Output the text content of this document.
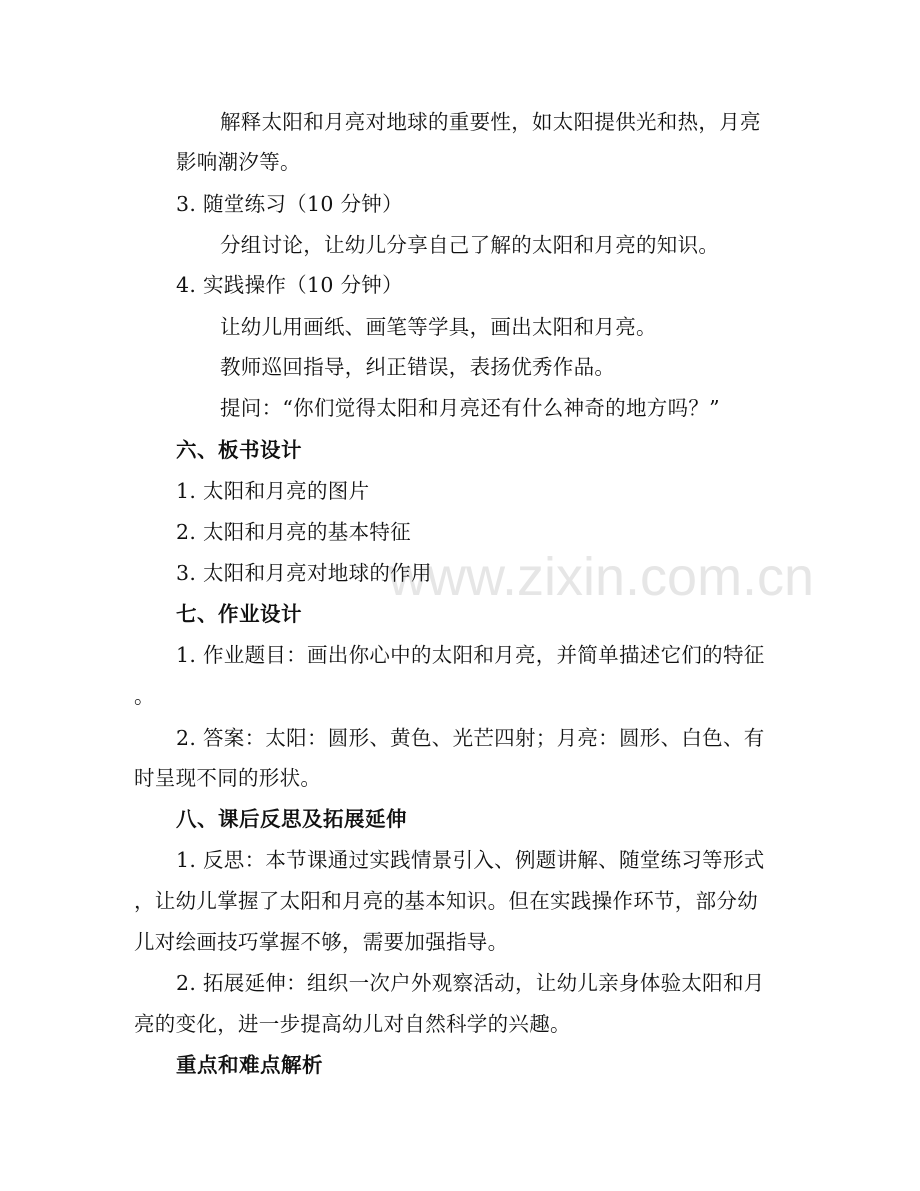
www.zixin.com.cn
解释太阳和月亮对地球的重要性，如太阳提供光和热，月亮
影响潮汐等。
3. 随堂练习（10 分钟）
分组讨论，让幼儿分享自己了解的太阳和月亮的知识。
4. 实践操作（10 分钟）
让幼儿用画纸、画笔等学具，画出太阳和月亮。
教师巡回指导，纠正错误，表扬优秀作品。
提问：“你们觉得太阳和月亮还有什么神奇的地方吗？”
六、板书设计
1. 太阳和月亮的图片
2. 太阳和月亮的基本特征
3. 太阳和月亮对地球的作用
七、作业设计
1. 作业题目：画出你心中的太阳和月亮，并简单描述它们的特征
。
2. 答案：太阳：圆形、黄色、光芒四射；月亮：圆形、白色、有
时呈现不同的形状。
八、课后反思及拓展延伸
1. 反思：本节课通过实践情景引入、例题讲解、随堂练习等形式
，让幼儿掌握了太阳和月亮的基本知识。但在实践操作环节，部分幼
儿对绘画技巧掌握不够，需要加强指导。
2. 拓展延伸：组织一次户外观察活动，让幼儿亲身体验太阳和月
亮的变化，进一步提高幼儿对自然科学的兴趣。
重点和难点解析
